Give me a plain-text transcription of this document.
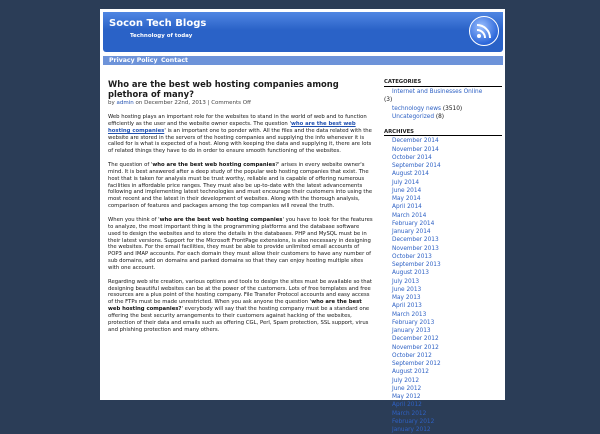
Socon Tech Blogs
Technology of today
Privacy Policy Contact
Who are the best web hosting companies among plethora of many?
by admin on December 22nd, 2013 | Comments Off

Web hosting plays an important role for the websites to stand in the world of web and to function efficiently as the user and the website owner expects. The question 'who are the best web hosting companies' is an important one to ponder with. All the files and the data related with the website are stored in the servers of the hosting companies and supplying the info whenever it is called for is what is expected of a host. Along with keeping the data and supplying it, there are lots of related things they have to do in order to ensure smooth functioning of the websites.

The question of 'who are the best web hosting companies?' arises in every website owner's mind. It is best answered after a deep study of the popular web hosting companies that exist. The host that is taken for analysis must be trust worthy, reliable and is capable of offering numerous facilities in affordable price ranges. They must also be up-to-date with the latest advancements following and implementing latest technologies and must encourage their customers into using the most recent and the latest in their development of websites. Along with the thorough analysis, comparison of features and packages among the top companies will reveal the truth.

When you think of 'who are the best web hosting companies' you have to look for the features to analyze, the most important thing is the programming platforms and the database software used to design the websites and to store the details in the databases. PHP and MySQL must be in their latest versions. Support for the Microsoft FrontPage extensions, is also necessary in designing the websites. For the email facilities, they must be able to provide unlimited email accounts of POP3 and IMAP accounts. For each domain they must allow their customers to have any number of sub domains, add on domains and parked domains so that they can enjoy hosting multiple sites with one account.

Regarding web site creation, various options and tools to design the sites must be available so that designing beautiful websites can be at the power of the customers. Lots of free templates and free resources are a plus point of the hosting company. File Transfer Protocol accounts and easy access of the FTPs must be made unrestricted. When you ask anyone the question 'who are the best web hosting companies?' everybody will say that the hosting company must be a standard one offering the best security arrangements to their customers against hacking of the websites, protection of their data and emails such as offering CGL, Perl, Spam protection, SSL support, virus and phishing protection and many others.

CATEGORIES
Internet and Businesses Online
(3)
technology news (3510)
Uncategorized (8)
ARCHIVES
December 2014
November 2014
October 2014
September 2014
August 2014
July 2014
June 2014
May 2014
April 2014
March 2014
February 2014
January 2014
December 2013
November 2013
October 2013
September 2013
August 2013
July 2013
June 2013
May 2013
April 2013
March 2013
February 2013
January 2013
December 2012
November 2012
October 2012
September 2012
August 2012
July 2012
June 2012
May 2012
April 2012
March 2012
February 2012
January 2012
